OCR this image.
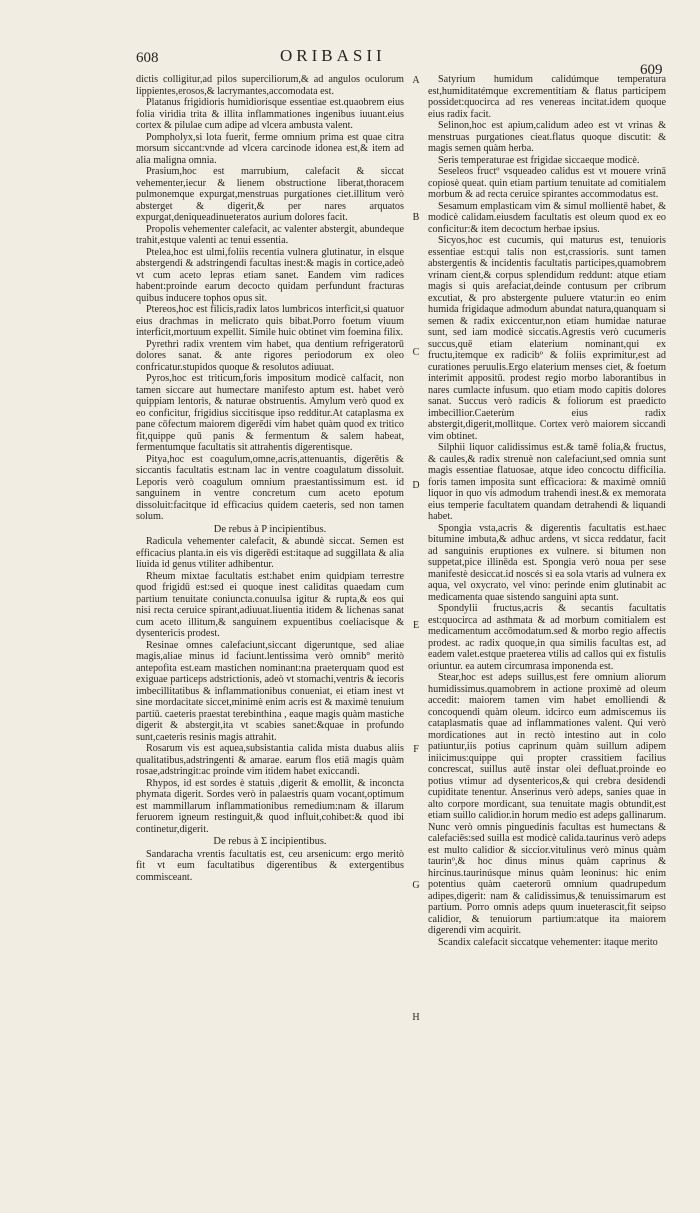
608	ORIBASII
609

dictis colligitur,ad pilos superciliorum,& ad angulos oculorum lippientes,erosos,& lacrymantes,accomodata est.

Platanus frigidioris humidiorisque essentiae est.quaobrem eius folia viridia trita & illita inflammationes ingenibus iuuant.eius cortex & pilulae cum adipe ad vlcera ambusta valent.

Pompholyx,si lota fuerit, ferme omnium prima est quae citra morsum siccant:vnde ad vlcera carcinode idonea est,& item ad alia maligna omnia.

Prasium,hoc est marrubium, calefacit & siccat vehementer,iecur & lienem obstructione liberat,thoracem pulmonemque expurgat,menstruas purgationes ciet.illitum verò absterget & digerit,& per nares arquatos expurgat,deniqueadinueteratos aurium dolores facit.

Propolis vehementer calefacit, ac valenter abstergit, abundeque trahit,estque valenti ac tenui essentia.

Ptelea,hoc est ulmi,foliis recentia vulnera glutinatur, in elsque abstergendi & adstringendi facultas inest:& magis in cortice,adeò vt cum aceto lepras etiam sanet. Eandem vim radices habent:proinde earum decocto quidam perfundunt fracturas quibus inducere tophos opus sit.

Ptereos,hoc est filicis,radix latos lumbricos interficit,si quatuor eius drachmas in melicrato quis bibat.Porro foetum viuum interficit,mortuum expellit. Simile huic obtinet vim foemina filix.

Pyrethri radix vrentem vim habet, qua dentium refrigeratorū dolores sanat. & ante rigores periodorum ex oleo confricatur.stupidos quoque & resolutos adiuuat.

Pyros,hoc est triticum,foris impositum modicè calfacit, non tamen siccare aut humectare manifesto aptum est. habet verò quippiam lentoris, & naturae obstruentis. Amylum verò quod ex eo conficitur, frigidius siccitisque ipso redditur.At cataplasma ex pane cōfectum maiorem digerēdi vim habet quàm quod ex tritico fit,quippe quū panis & fermentum & salem habeat, fermentumque facultatis sit attrahentis digerentisque.

Pitya,hoc est coagulum,omne,acris,attenuantis, digerētis & siccantis facultatis est:nam lac in ventre coagulatum dissoluit. Leporis verò coagulum omnium praestantissimum est. id sanguinem in ventre concretum cum aceto epotum dissoluit:facitque id efficacius quidem caeteris, sed non tamen solum.

De rebus à P incipientibus.

Radicula vehementer calefacit, & abundè siccat. Semen est efficacius planta.in eis vis digerēdi est:itaque ad suggillata & alia liuida id genus vtiliter adhibentur.

Rheum mixtae facultatis est:habet enim quidpiam terrestre quod frigidū est:sed ei quoque inest caliditas quaedam cum partium tenuitate coniuncta.conuulsa igitur & rupta,& eos qui nisi recta ceruice spirant,adiuuat.liuentia itidem & lichenas sanat cum aceto illitum,& sanguinem expuentibus coeliacisque & dysentericis prodest.

Resinae omnes calefaciunt,siccant digeruntque, sed aliae magis,aliae minus id faciunt.lentissima verò omnib° meritò antepofita est.eam mastichen nominant:na praeterquam quod est exiguae particeps adstrictionis, adeò vt stomachi,ventris & iecoris imbecillitatibus & inflammationibus conueniat, ei etiam inest vt sine mordacitate siccet,minimè enim acris est & maximè tenuium partiū. caeteris praestat terebinthina , eaque magis quàm mastiche digerit & abstergit,ita vt scabies sanet:&quae in profundo sunt,caeteris resinis magis attrahit.

Rosarum vis est aquea,subsistantia calida mista duabus aliis qualitatibus,adstringenti & amarae. earum flos etiā magis quàm rosae,adstringit:ac proinde vim itidem habet exiccandi.

Rhypos, id est sordes è statuis ,digerit & emollit, & inconcta phymata digerit. Sordes verò in palaestris quam vocant,optimum est mammillarum inflammationibus remedium:nam & illarum feruorem igneum restinguit,& quod influit,cohibet:& quod ibi continetur,digerit.

De rebus à Σ incipientibus.

Sandaracha vrentis facultatis est, ceu arsenicum: ergo meritò fit vt eum facultatibus digerentibus & extergentibus commisceant.

Satyrium humidum calidúmque temperatura est,humiditatémque excrementitiam & flatus participem possidet:quocirca ad res venereas incitat.idem quoque eius radix facit.

Selinon,hoc est apium,calidum adeo est vt vrinas & menstruas purgationes cieat.flatus quoque discutit: & magis semen quàm herba.

Seris temperaturae est frigidae siccaeque modicè.

Seseleos fructº vsqueadeo calidus est vt mouere vrinā copiosè queat. quin etiam partium tenuitate ad comitialem morbum & ad recta ceruice spirantes accommodatus est.

Sesamum emplasticam vim & simul mollientē habet, & modicè calidam.eiusdem facultatis est oleum quod ex eo conficitur:& item decoctum herbae ipsius.

Sicyos,hoc est cucumis, qui maturus est, tenuioris essentiae est:qui talis non est,crassioris. sunt tamen abstergentis & incidentis facultatis participes,quamobrem vrinam cient,& corpus splendidum reddunt: atque etiam magis si quis arefaciat,deinde contusum per cribrum excutiat, & pro abstergente puluere vtatur:in eo enim humida frigidaque admodum abundat natura,quanquam si semen & radix exiccentur,non etiam humidae naturae sunt, sed iam modicè siccatis.Agrestis verò cucumeris succus,quē etiam elaterium nominant,qui ex fructu,itemque ex radicibº & foliis exprimitur,est ad curationes peruulis.Ergo elaterium menses ciet, & foetum interimit appositū. prodest regio morbo laborantibus in nares cumlacte infusum. quo etiam modo capitis dolores sanat. Succus verò radicis & foliorum est praedicto imbecillior.Caeterùm eius radix abstergit,digerit,mollitque. Cortex verò maiorem siccandi vim obtinet.

Silphii liquor calidissimus est.& tamē folia,& fructus, & caules,& radix strenuè non calefaciunt,sed omnia sunt magis essentiae flatuosae, atque ideo concoctu difficilia. foris tamen imposita sunt efficaciora: & maximè omniū liquor in quo vis admodum trahendi inest.& ex memorata eius temperie facultatem quandam detrahendi & liquandi habet.

Spongia vsta,acris & digerentis facultatis est.haec bitumine imbuta,& adhuc ardens, vt sicca reddatur, facit ad sanguinis eruptiones ex vulnere. si bitumen non suppetat,pice illinēda est. Spongia verò noua per sese manifestè desiccat.id noscés si ea sola vtaris ad vulnera ex aqua, vel oxycrato, vel vino: perinde enim glutinabit ac medicamenta quae sistendo sanguini apta sunt.

Spondylii fructus,acris & secantis facultatis est:quocirca ad asthmata & ad morbum comitialem est medicamentum accōmodatum.sed & morbo regio affectis prodest. ac radix quoque,in qua similis facultas est, ad eadem valet.estque praeterea vtilis ad callos qui ex fistulis oriuntur. ea autem circumrasa imponenda est.

Stear,hoc est adeps suillus,est fere omnium aliorum humidissimus.quamobrem in actione proximè ad oleum accedit: maiorem tamen vim habet emolliendi & concoquendi quàm oleum. idcirco eum admiscemus iis cataplasmatis quae ad inflammationes valent. Qui verò mordicationes aut in rectò intestino aut in colo patiuntur,iis potius caprinum quàm suillum adipem iniicimus:quippe qui propter crassitiem facilius concrescat, suillus autē instar olei defluat.proinde eo potius vtimur ad dysentericos,& qui crebra desidendi cupiditate tenentur. Anserinus verò adeps, sanies quae in alto corpore mordicant, sua tenuitate magis obtundit,est etiam suillo calidior.in horum medio est adeps gallinarum. Nunc verò omnis pinguedinis facultas est humectans & calefaciēs:sed suilla est modicè calida.taurinus verò adeps est multo calidior & siccior.vitulinus verò minus quàm taurinº,& hoc dinus minus quàm caprinus & hircinus.taurinúsque minus quàm leoninus: hic enim potentius quàm caeterorū omnium quadrupedum adipes,digerit: nam & calidissimus,& tenuissimarum est partium. Porro omnis adeps quum inueterascit,fit seipso calidior, & tenuiorum partium:atque ita maiorem digerendi vim acquirit.

Scandix calefacit siccatque vehementer: itaque merito

A
B
C
D
E
F
G
H
